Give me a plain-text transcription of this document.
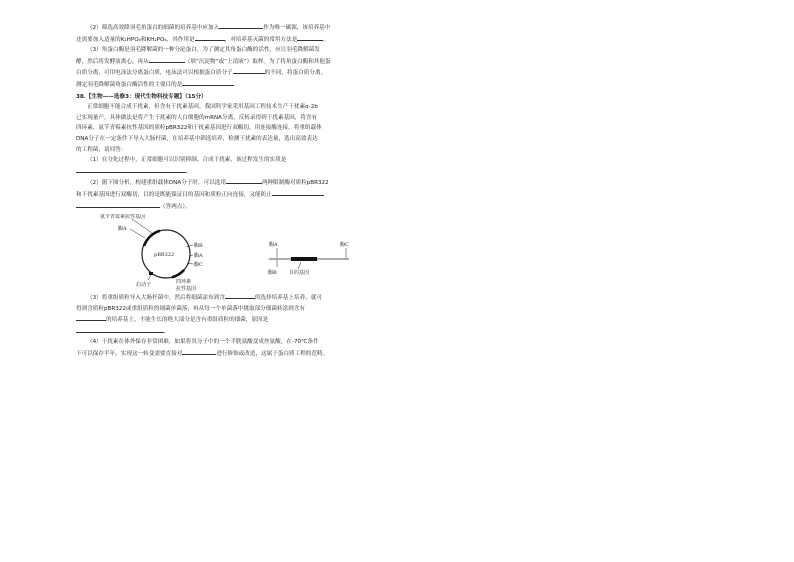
（2）筛选高效降羽毛角蛋白的细菌的培养基中应加入	作为唯一碳源，该培养基中

还需要加入适量的K₂HPO₄和KH₂PO₄，其作用是	，对培养基灭菌的常用方法是	。

（3）角蛋白酶是羽毛降解菌的一种分泌蛋白，为了测定其角蛋白酶的活性，应让羽毛降解菌发

酵，然后将发酵液离心，再从	（填“沉淀物”或“上清液”）取样。为了将角蛋白酶和其他蛋

白质分离，可用电泳法分离蛋白质，电泳法可以根据蛋白质分子	的不同，将蛋白质分离。

测定羽毛降解菌角蛋白酶活性的主要目的是

38.【生物——选修3：现代生物科技专题】（15分）

正常细胞不能合成干扰素，但含有干扰素基因。我国科学家采用基因工程技术生产干扰素α-2b

已实现量产，具体做法是将产生干扰素的人白细胞的mRNA分离，反转录得到干扰素基因，将含有

四环素、氨苄青霉素抗性基因的质粒pBR322和干扰素基因进行双酶切，用连接酶连接，将重组载体

DNA分子在一定条件下导入大肠杆菌，在培养基中筛选培养，检测干扰素的表达量，选出高效表达

的工程菌，请回答：

（1）在分化过程中，正常细胞可以识别抑制、合成干扰素，该过程发生的实质是

。

（2）据下图分析，构建重组载体DNA分子时，可以选用	两种限制酶对质粒pBR322

和干扰素基因进行双酶切，目的是既能保证目的基因和质粒正向连接，又能防止

（答两点）。

氨苄青霉素抗性基因
酶A
pBR322
酶B
酶A
酶C
启动子	四环素
抗性基因
酶A	酶C
酶B 目的基因

（3）将重组质粒导入大肠杆菌中，然后将细菌涂布到含	的选择培养基上培养，就可

得到含质粒pBR322或重组质粒的细菌单菌落；再从每一个单菌落中挑取部分细菌转涂到含有

的培养基上，不能生长的绝大部分是含有重组质粒的细菌，原因是

。

（4）干扰素在体外保存非常困难，如果将其分子中的一个半胱氨酸变成丝氨酸，在-70℃条件

下可以保存半年。实现这一转变需要直接对	进行修饰或改造，这属于蛋白质工程的范畴。
